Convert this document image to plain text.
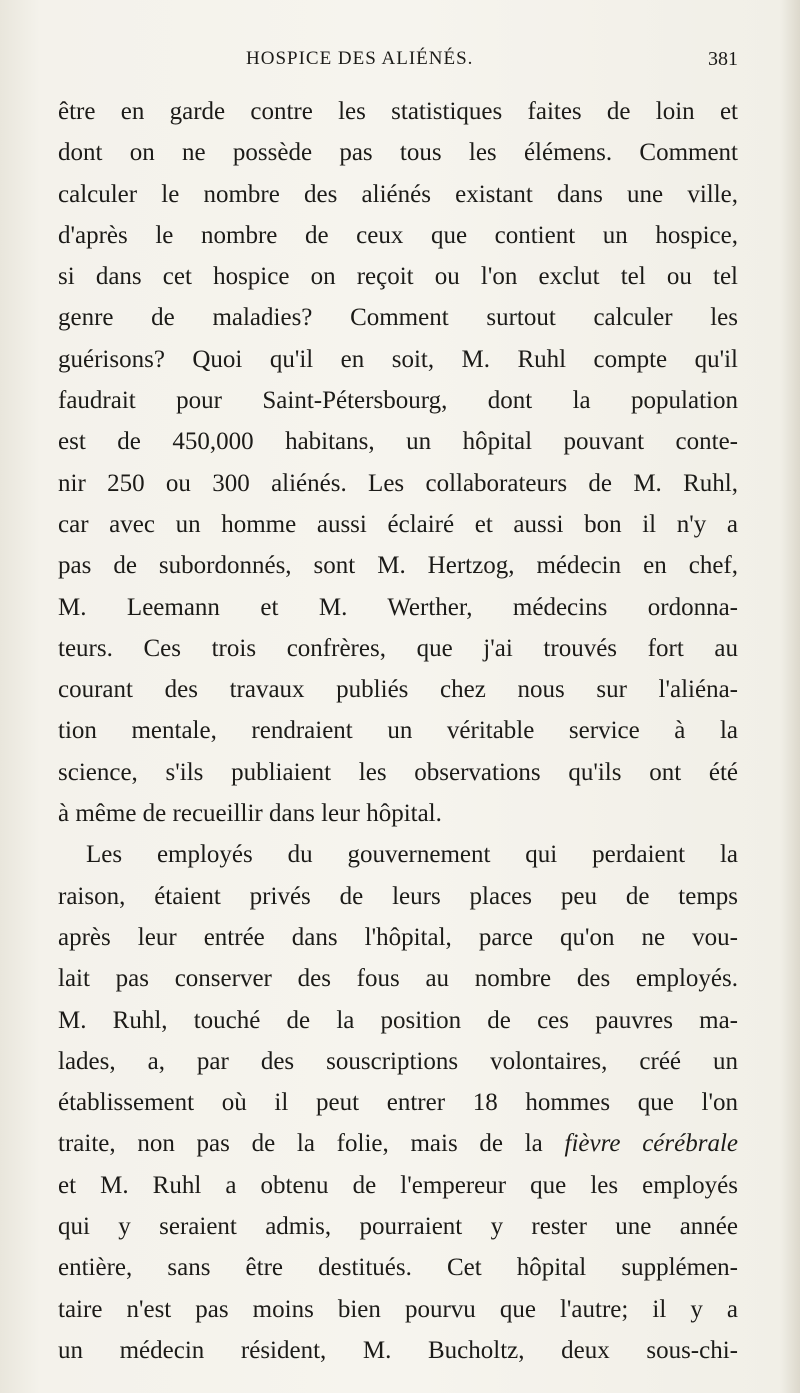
HOSPICE DES ALIÉNÉS.	381
être en garde contre les statistiques faites de loin et
dont on ne possède pas tous les élémens. Comment
calculer le nombre des aliénés existant dans une ville,
d'après le nombre de ceux que contient un hospice,
si dans cet hospice on reçoit ou l'on exclut tel ou tel
genre de maladies? Comment surtout calculer les
guérisons? Quoi qu'il en soit, M. Ruhl compte qu'il
faudrait pour Saint-Pétersbourg, dont la population
est de 450,000 habitans, un hôpital pouvant conte-
nir 250 ou 300 aliénés. Les collaborateurs de M. Ruhl,
car avec un homme aussi éclairé et aussi bon il n'y a
pas de subordonnés, sont M. Hertzog, médecin en chef,
M. Leemann et M. Werther, médecins ordonna-
teurs. Ces trois confrères, que j'ai trouvés fort au
courant des travaux publiés chez nous sur l'aliéna-
tion mentale, rendraient un véritable service à la
science, s'ils publiaient les observations qu'ils ont été
à même de recueillir dans leur hôpital.
Les employés du gouvernement qui perdaient la
raison, étaient privés de leurs places peu de temps
après leur entrée dans l'hôpital, parce qu'on ne vou-
lait pas conserver des fous au nombre des employés.
M. Ruhl, touché de la position de ces pauvres ma-
lades, a, par des souscriptions volontaires, créé un
établissement où il peut entrer 18 hommes que l'on
traite, non pas de la folie, mais de la fièvre cérébrale
et M. Ruhl a obtenu de l'empereur que les employés
qui y seraient admis, pourraient y rester une année
entière, sans être destitués. Cet hôpital supplémen-
taire n'est pas moins bien pourvu que l'autre; il y a
un médecin résident, M. Bucholtz, deux sous-chi-
